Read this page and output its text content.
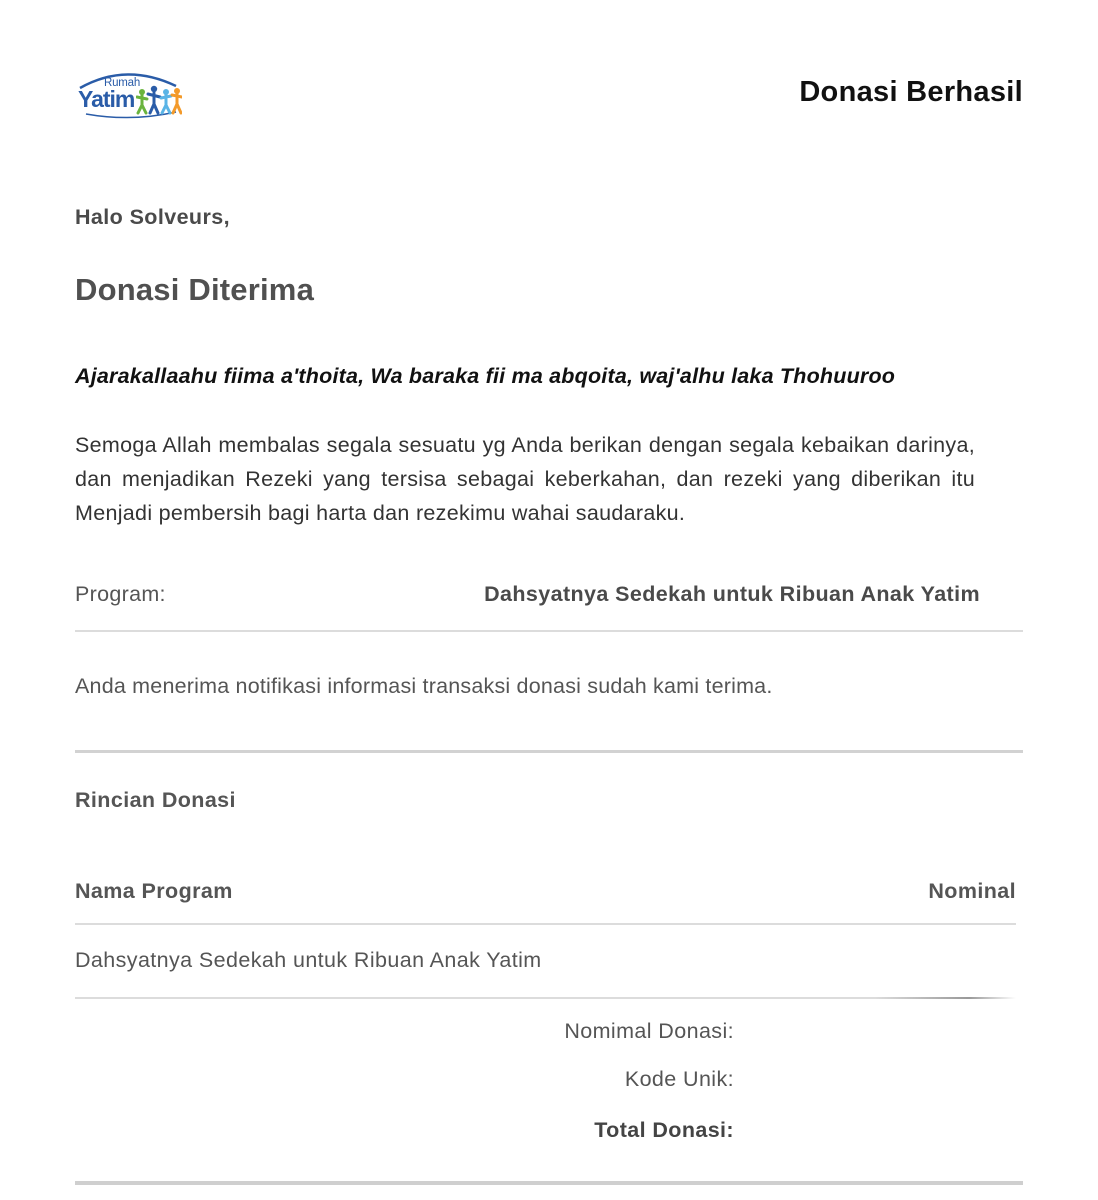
Rumah
Yatim	Donasi Berhasil
Halo Solveurs,
Donasi Diterima
Ajarakallaahu fiima a'thoita, Wa baraka fii ma abqoita, waj'alhu laka Thohuuroo
Semoga Allah membalas segala sesuatu yg Anda berikan dengan segala kebaikan darinya, dan menjadikan Rezeki yang tersisa sebagai keberkahan, dan rezeki yang diberikan itu Menjadi pembersih bagi harta dan rezekimu wahai saudaraku.
Program:	Dahsyatnya Sedekah untuk Ribuan Anak Yatim
Anda menerima notifikasi informasi transaksi donasi sudah kami terima.
Rincian Donasi
Nama Program	Nominal
Dahsyatnya Sedekah untuk Ribuan Anak Yatim
Nomimal Donasi:
Kode Unik:
Total Donasi:
